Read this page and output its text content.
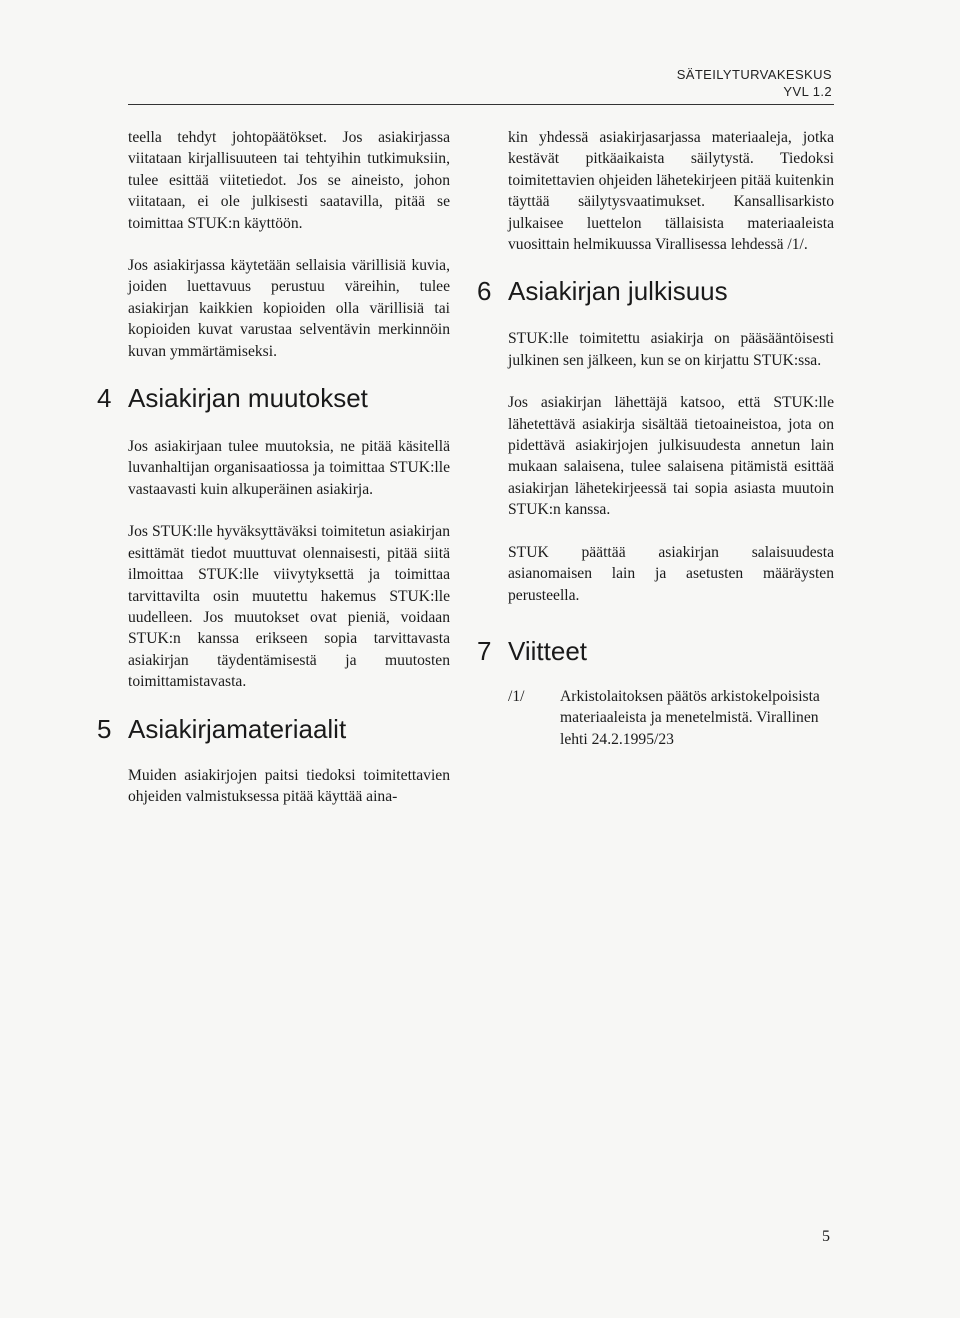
SÄTEILYTURVAKESKUS
YVL 1.2

teella tehdyt johtopäätökset. Jos asiakirjassa viitataan kirjallisuuteen tai tehtyihin tutkimuksiin, tulee esittää viitetiedot. Jos se aineisto, johon viitataan, ei ole julkisesti saatavilla, pitää se toimittaa STUK:n käyttöön.

Jos asiakirjassa käytetään sellaisia värillisiä kuvia, joiden luettavuus perustuu väreihin, tulee asiakirjan kaikkien kopioiden olla värillisiä tai kopioiden kuvat varustaa selventävin merkinnöin kuvan ymmärtämiseksi.

4 Asiakirjan muutokset

Jos asiakirjaan tulee muutoksia, ne pitää käsitellä luvanhaltijan organisaatiossa ja toimittaa STUK:lle vastaavasti kuin alkuperäinen asiakirja.

Jos STUK:lle hyväksyttäväksi toimitetun asiakirjan esittämät tiedot muuttuvat olennaisesti, pitää siitä ilmoittaa STUK:lle viivytyksettä ja toimittaa tarvittavilta osin muutettu hakemus STUK:lle uudelleen. Jos muutokset ovat pieniä, voidaan STUK:n kanssa erikseen sopia tarvittavasta asiakirjan täydentämisestä ja muutosten toimittamistavasta.

5 Asiakirjamateriaalit

Muiden asiakirjojen paitsi tiedoksi toimitettavien ohjeiden valmistuksessa pitää käyttää aina-

kin yhdessä asiakirjasarjassa materiaaleja, jotka kestävät pitkäaikaista säilytystä. Tiedoksi toimitettavien ohjeiden lähetekirjeen pitää kuitenkin täyttää säilytysvaatimukset. Kansallisarkisto julkaisee luettelon tällaisista materiaaleista vuosittain helmikuussa Virallisessa lehdessä /1/.

6 Asiakirjan julkisuus

STUK:lle toimitettu asiakirja on pääsääntöisesti julkinen sen jälkeen, kun se on kirjattu STUK:ssa.

Jos asiakirjan lähettäjä katsoo, että STUK:lle lähetettävä asiakirja sisältää tietoaineistoa, jota on pidettävä asiakirjojen julkisuudesta annetun lain mukaan salaisena, tulee salaisena pitämistä esittää asiakirjan lähetekirjeessä tai sopia asiasta muutoin STUK:n kanssa.

STUK päättää asiakirjan salaisuudesta asianomaisen lain ja asetusten määräysten perusteella.

7 Viitteet
/1/	Arkistolaitoksen päätös arkistokelpoisista materiaaleista ja menetelmistä. Virallinen lehti 24.2.1995/23
5
